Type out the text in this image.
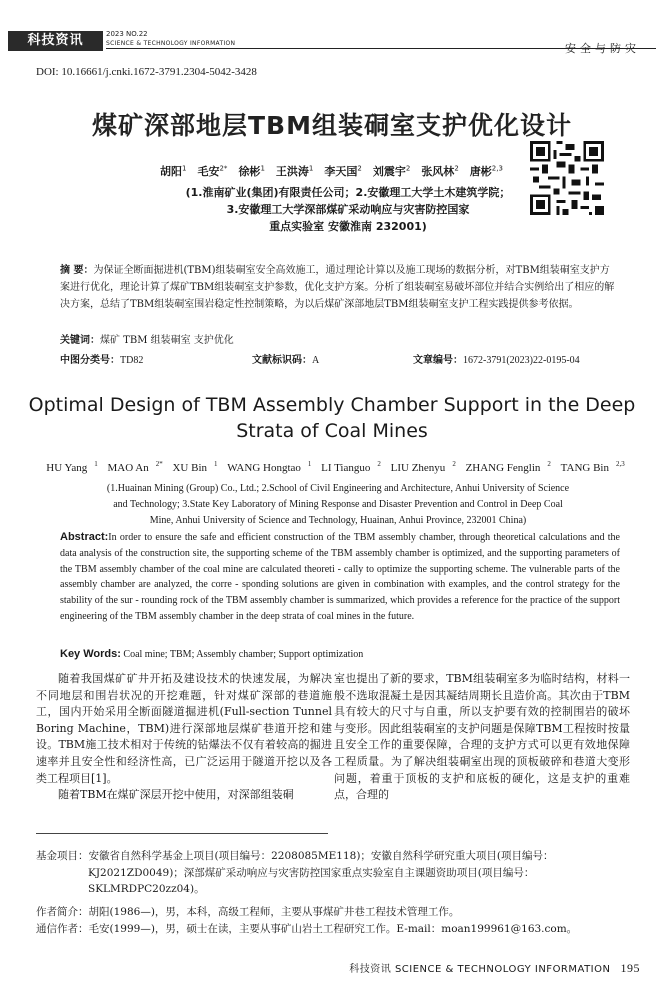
科技资讯	2023 NO.22
SCIENCE & TECHNOLOGY INFORMATION	安全与防灾
DOI: 10.16661/j.cnki.1672-3791.2304-5042-3428
煤矿深部地层TBM组装硐室支护优化设计
胡阳$^1$  毛安$^{2*}$  徐彬$^1$  王洪涛$^1$  李天国$^2$  刘震宇$^2$  张风林$^2$  唐彬$^{2,3}$
(1.淮南矿业(集团)有限责任公司；2.安徽理工大学土木建筑学院；
3.安徽理工大学深部煤矿采动响应与灾害防控国家
重点实验室 安徽淮南 232001)
摘 要：为保证全断面掘进机(TBM)组装硐室安全高效施工，通过理论计算以及施工现场的数据分析，对TBM组装硐室支护方案进行优化，理论计算了煤矿TBM组装硐室支护参数，优化支护方案。分析了组装硐室易破坏部位并结合实例给出了相应的解决方案，总结了TBM组装硐室围岩稳定性控制策略，为以后煤矿深部地层TBM组装硐室支护工程实践提供参考依据。
关键词：煤矿 TBM 组装硐室 支护优化
中图分类号：TD82	文献标识码：A	文章编号：1672-3791(2023)22-0195-04
Optimal Design of TBM Assembly Chamber Support in the Deep
Strata of Coal Mines
HU Yang $^1$ MAO An $^{2*}$ XU Bin $^1$ WANG Hongtao $^1$ LI Tianguo $^2$ LIU Zhenyu $^2$ ZHANG Fenglin $^2$ TANG Bin $^{2,3}$
(1.Huainan Mining (Group) Co., Ltd.; 2.School of Civil Engineering and Architecture, Anhui University of Science
and Technology; 3.State Key Laboratory of Mining Response and Disaster Prevention and Control in Deep Coal
Mine, Anhui University of Science and Technology, Huainan, Anhui Province, 232001 China)
Abstract:In order to ensure the safe and efficient construction of the TBM assembly chamber, through theoretical calculations and the data analysis of the construction site, the supporting scheme of the TBM assembly chamber is optimized, and the supporting parameters of the TBM assembly chamber of the coal mine are calculated theoreti - cally to optimize the supporting scheme. The vulnerable parts of the assembly chamber are analyzed, the corre - sponding solutions are given in combination with examples, and the control strategy for the stability of the sur - rounding rock of the TBM assembly chamber is summarized, which provides a reference for the practice of the support engineering of the TBM assembly chamber in the deep strata of coal mines in the future.
Key Words: Coal mine; TBM; Assembly chamber; Support optimization

随着我国煤矿矿井开拓及建设技术的快速发展，为解决不同地层和围岩状况的开挖难题，针对煤矿深部的巷道施工，国内开始采用全断面隧道掘进机(Full-section Tunnel Boring Machine，TBM)进行深部地层煤矿巷道开挖和建设。TBM施工技术相对于传统的钻爆法不仅有着较高的掘进速率并且安全性和经济性高，已广泛运用于隧道开挖以及各类工程项目[1]。

随着TBM在煤矿深层开挖中使用，对深部组装硐

室也提出了新的要求，TBM组装硐室多为临时结构，材料一般不选取混凝土是因其凝结周期长且造价高。其次由于TBM具有较大的尺寸与自重，所以支护要有效的控制围岩的破坏与变形。因此组装硐室的支护问题是保障TBM工程按时按量且安全工作的重要保障，合理的支护方式可以更有效地保障工程质量。为了解决组装硐室出现的顶板破碎和巷道大变形问题，着重于顶板的支护和底板的硬化，这是支护的重难点，合理的

基金项目：安徽省自然科学基金上项目(项目编号：2208085ME118)；安徽自然科学研究重大项目(项目编号：
KJ2021ZD0049)；深部煤矿采动响应与灾害防控国家重点实验室自主课题资助项目(项目编号：
SKLMRDPC20zz04)。
作者简介：胡阳(1986—)，男，本科，高级工程师，主要从事煤矿井巷工程技术管理工作。
通信作者：毛安(1999—)，男，硕士在读，主要从事矿山岩土工程研究工作。E-mail：moan199961@163.com。
科技资讯 SCIENCE & TECHNOLOGY INFORMATION 195
